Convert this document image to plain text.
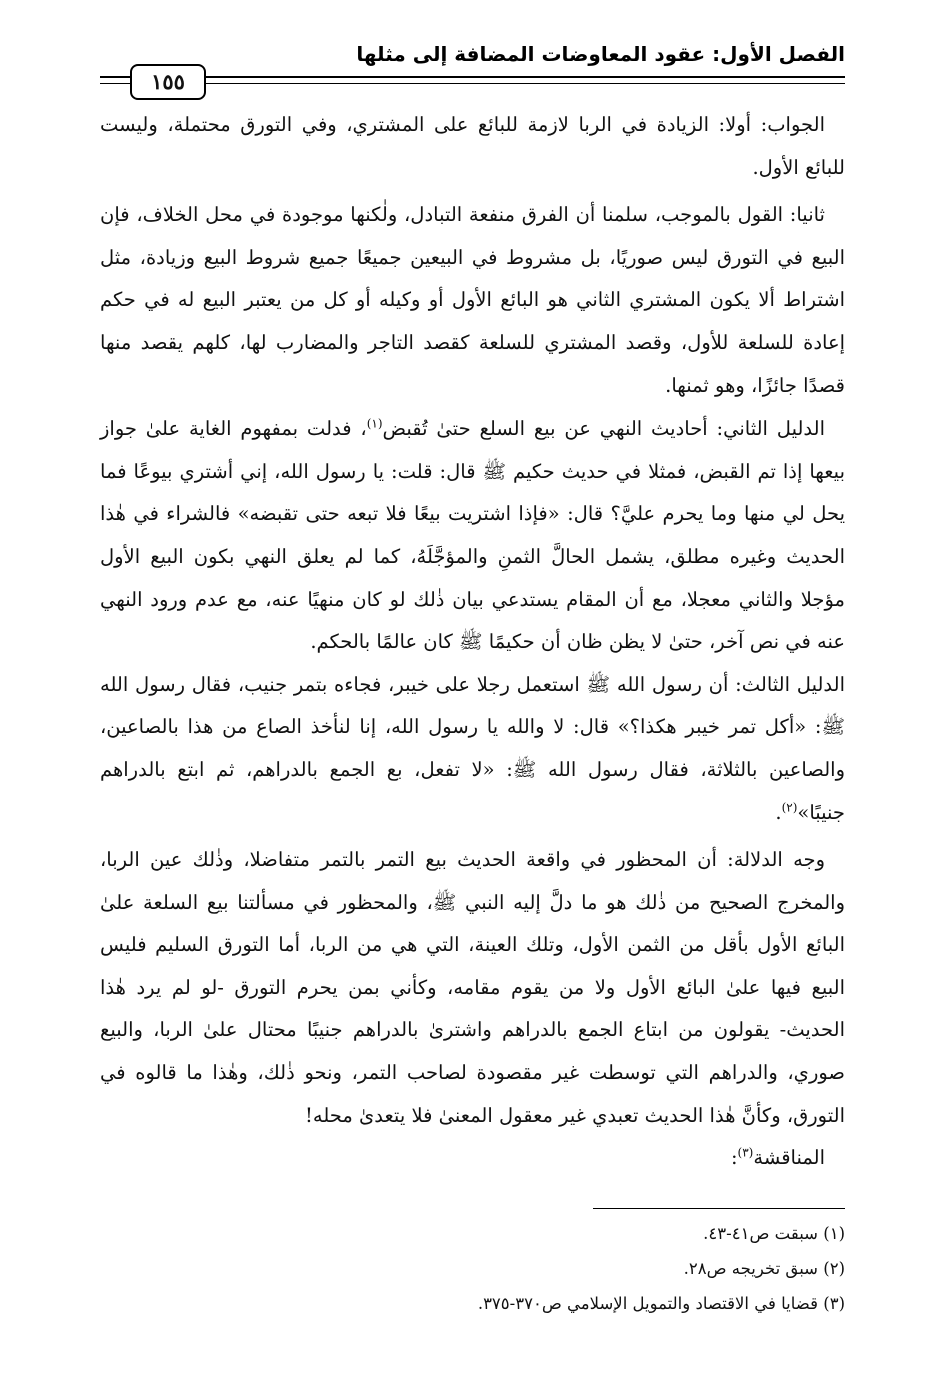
الفصل الأول: عقود المعاوضات المضافة إلى مثلها
١٥٥

الجواب: أولا: الزيادة في الربا لازمة للبائع على المشتري، وفي التورق محتملة، وليست للبائع الأول.

ثانيا: القول بالموجب، سلمنا أن الفرق منفعة التبادل، ولٰكنها موجودة في محل الخلاف، فإن البيع في التورق ليس صوريًا، بل مشروط في البيعين جميعًا جميع شروط البيع وزيادة، مثل اشتراط ألا يكون المشتري الثاني هو البائع الأول أو وكيله أو كل من يعتبر البيع له في حكم إعادة للسلعة للأول، وقصد المشتري للسلعة كقصد التاجر والمضارب لها، كلهم يقصد منها قصدًا جائزًا، وهو ثمنها.

الدليل الثاني: أحاديث النهي عن بيع السلع حتىٰ تُقبض$^{(١)}$، فدلت بمفهوم الغاية علىٰ جواز بيعها إذا تم القبض، فمثلا في حديث حكيم ﷺ قال: قلت: يا رسول الله، إني أشتري بيوعًا فما يحل لي منها وما يحرم عليَّ؟ قال: «فإذا اشتريت بيعًا فلا تبعه حتى تقبضه» فالشراء في هٰذا الحديث وغيره مطلق، يشمل الحالَّ الثمنِ والمؤجَّلَهُ، كما لم يعلق النهي بكون البيع الأول مؤجلا والثاني معجلا، مع أن المقام يستدعي بيان ذٰلك لو كان منهيًا عنه، مع عدم ورود النهي عنه في نص آخر، حتىٰ لا يظن ظان أن حكيمًا ﷺ كان عالمًا بالحكم.

الدليل الثالث: أن رسول الله ﷺ استعمل رجلا على خيبر، فجاءه بتمر جنيب، فقال رسول الله ﷺ: «أكل تمر خيبر هكذا؟» قال: لا والله يا رسول الله، إنا لنأخذ الصاع من هذا بالصاعين، والصاعين بالثلاثة، فقال رسول الله ﷺ: «لا تفعل، بع الجمع بالدراهم، ثم ابتع بالدراهم جنيبًا»$^{(٢)}$.

وجه الدلالة: أن المحظور في واقعة الحديث بيع التمر بالتمر متفاضلا، وذٰلك عين الربا، والمخرج الصحيح من ذٰلك هو ما دلَّ إليه النبي ﷺ، والمحظور في مسألتنا بيع السلعة علىٰ البائع الأول بأقل من الثمن الأول، وتلك العينة، التي هي من الربا، أما التورق السليم فليس البيع فيها علىٰ البائع الأول ولا من يقوم مقامه، وكأني بمن يحرم التورق -لو لم يرد هٰذا الحديث- يقولون من ابتاع الجمع بالدراهم واشترىٰ بالدراهم جنيبًا محتال علىٰ الربا، والبيع صوري، والدراهم التي توسطت غير مقصودة لصاحب التمر، ونحو ذٰلك، وهٰذا ما قالوه في التورق، وكأنَّ هٰذا الحديث تعبدي غير معقول المعنىٰ فلا يتعدىٰ محله!

المناقشة$^{(٣)}$:

(١) سبقت ص٤١-٤٣.
(٢) سبق تخريجه ص٢٨.
(٣) قضايا في الاقتصاد والتمويل الإسلامي ص٣٧٠-٣٧٥.
